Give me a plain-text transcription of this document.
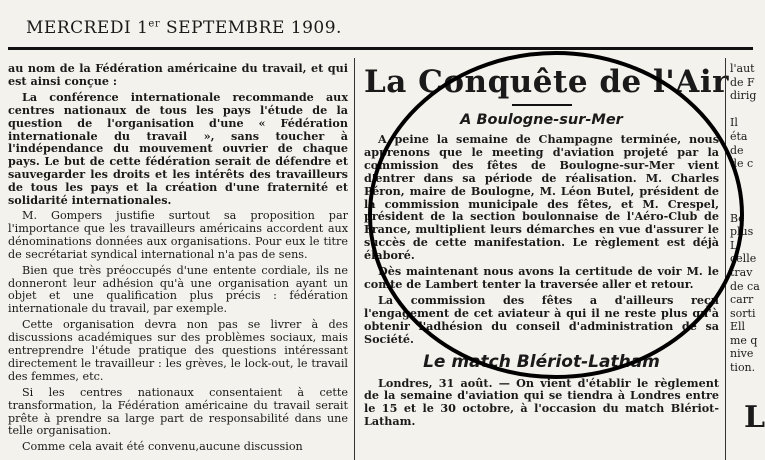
MERCREDI 1er SEPTEMBRE 1909.

au nom de la Fédération américaine du travail, et qui est ainsi conçue :

La conférence internationale recommande aux centres nationaux de tous les pays l'étude de la question de l'organisation d'une « Fédération internationale du travail », sans toucher à l'indépendance du mouvement ouvrier de chaque pays. Le but de cette fédération serait de défendre et sauvegarder les droits et les intérêts des travailleurs de tous les pays et la création d'une fraternité et solidarité internationales.

M. Gompers justifie surtout sa proposition par l'importance que les travailleurs américains accordent aux dénominations données aux organisations. Pour eux le titre de secrétariat syndical international n'a pas de sens.

Bien que très préoccupés d'une entente cordiale, ils ne donneront leur adhésion qu'à une organisation ayant un objet et une qualification plus précis : fédération internationale du travail, par exemple.

Cette organisation devra non pas se livrer à des discussions académiques sur des problèmes sociaux, mais entreprendre l'étude pratique des questions intéressant directement le travailleur : les grèves, le lock-out, le travail des femmes, etc.

Si les centres nationaux consentaient à cette transformation, la Fédération américaine du travail serait prête à prendre sa large part de responsabilité dans une telle organisation.

Comme cela avait été convenu,aucune discussion

La Conquête de l'Air
A Boulogne-sur-Mer

A peine la semaine de Champagne terminée, nous apprenons que le meeting d'aviation projeté par la commission des fêtes de Boulogne-sur-Mer vient d'entrer dans sa période de réalisation. M. Charles Péron, maire de Boulogne, M. Léon Butel, président de la commission municipale des fêtes, et M. Crespel, président de la section boulonnaise de l'Aéro-Club de France, multiplient leurs démarches en vue d'assurer le succès de cette manifestation. Le règlement est déjà élaboré.

Dès maintenant nous avons la certitude de voir M. le comte de Lambert tenter la traversée aller et retour.

La commission des fêtes a d'ailleurs reçu l'engagement de cet aviateur à qui il ne reste plus qu'à obtenir l'adhésion du conseil d'administration de sa Société.

Le match Blériot-Latham

Londres, 31 août. — On vient d'établir le règlement de la semaine d'aviation qui se tiendra à Londres entre le 15 et le 30 octobre, à l'occasion du match Blériot-Latham.

l'aut
de F
dirig

Il
éta
de
de c

Be
plus
L'
celle
trav
de ca
carr
sorti
Ell
me q
nive
tion.
L
